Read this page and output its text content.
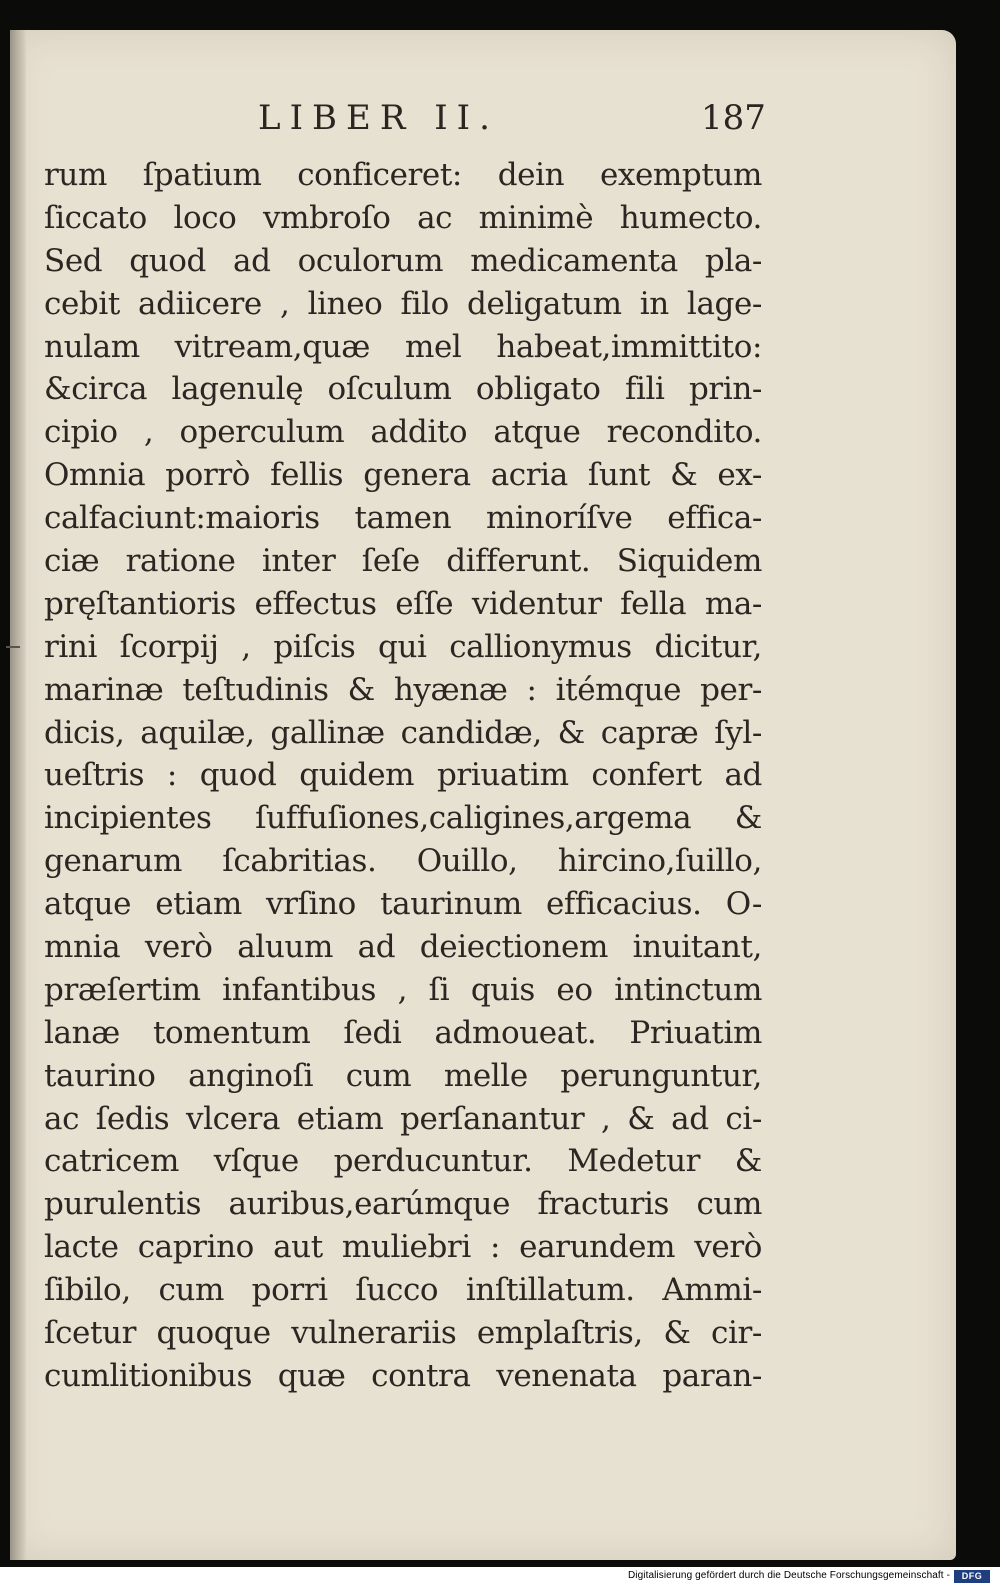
LIBER II.	187
rum ſpatium conficeret: dein exemptum
ſiccato loco vmbroſo ac minimè humecto.
Sed quod ad oculorum medicamenta pla-
cebit adiicere , lineo filo deligatum in lage-
nulam vitream,quæ mel habeat,immittito:
&circa lagenulę oſculum obligato fili prin-
cipio , operculum addito atque recondito.
Omnia porrò fellis genera acria ſunt & ex-
calfaciunt:maioris tamen minoríſve effica-
ciæ ratione inter ſeſe differunt. Siquidem
pręſtantioris effectus eſſe videntur fella ma-
rini ſcorpij , piſcis qui callionymus dicitur,
marinæ teſtudinis & hyænæ : itémque per-
dicis, aquilæ, gallinæ candidæ, & capræ ſyl-
ueſtris : quod quidem priuatim confert ad
incipientes ſuffuſiones,caligines,argema &
genarum ſcabritias. Ouillo, hircino,ſuillo,
atque etiam vrſino taurinum efficacius. O-
mnia verò aluum ad deiectionem inuitant,
præſertim infantibus , ſi quis eo intinctum
lanæ tomentum ſedi admoueat. Priuatim
taurino anginoſi cum melle perunguntur,
ac ſedis vlcera etiam perſanantur , & ad ci-
catricem vſque perducuntur. Medetur &
purulentis auribus,earúmque fracturis cum
lacte caprino aut muliebri : earundem verò
ſibilo, cum porri ſucco inſtillatum. Ammi-
ſcetur quoque vulnerariis emplaſtris, & cir-
cumlitionibus quæ contra venenata paran-
Digitalisierung gefördert durch die Deutsche Forschungsgemeinschaft -	DFG
